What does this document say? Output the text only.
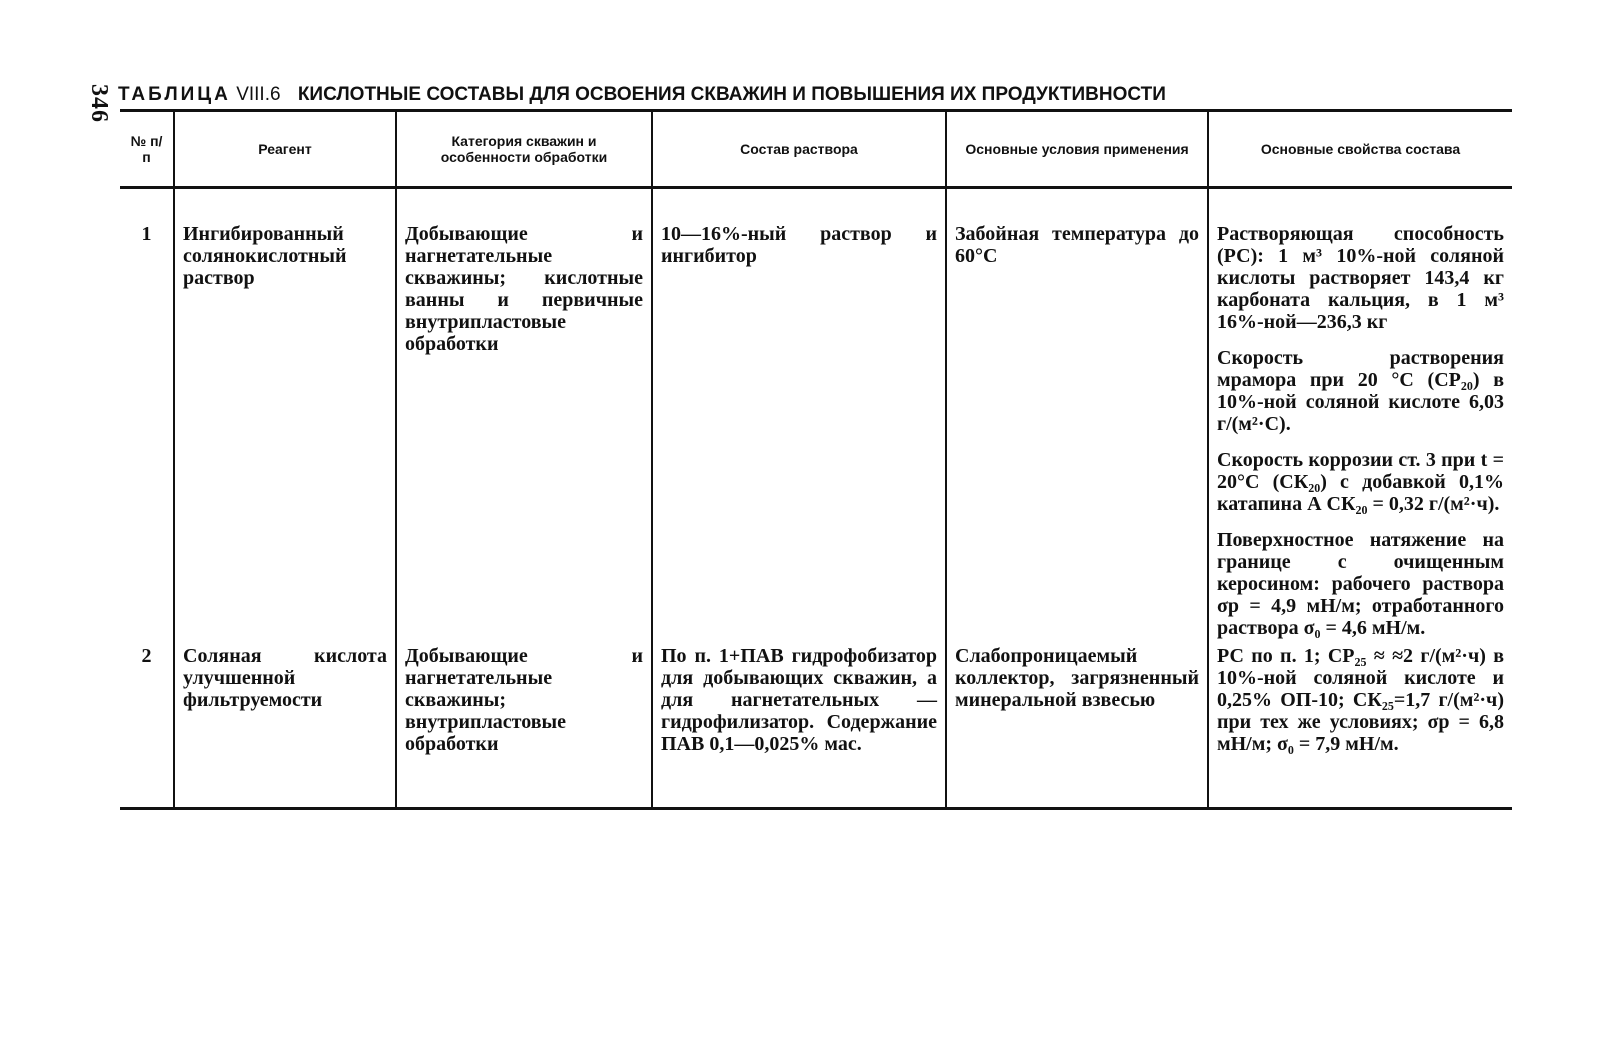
346 ТАБЛИЦА VIII.6 КИСЛОТНЫЕ СОСТАВЫ ДЛЯ ОСВОЕНИЯ СКВАЖИН И ПОВЫШЕНИЯ ИХ ПРОДУКТИВНОСТИ
№ п/п	Реагент	Категория скважин и особенности обработки	Состав раствора	Основные условия применения	Основные свойства состава
1	Ингибированный солянокислотный раствор	Добывающие и нагнетательные скважины; кислотные ванны и первичные внутрипластовые обработки	10—16%-ный раствор и ингибитор	Забойная температура до 60°С	Растворяющая способность (РС): 1 м³ 10%-ной соляной кислоты растворяет 143,4 кг карбоната кальция, в 1 м³ 16%-ной—236,3 кг

Скорость растворения мрамора при 20 °С (СР₂₀) в 10%-ной соляной кислоте 6,03 г/(м²·С).

Скорость коррозии ст. 3 при t = 20°С (СК₂₀) с добавкой 0,1% катапина А СК₂₀ = 0,32 г/(м²·ч).

Поверхностное натяжение на границе с очищенным керосином: рабочего раствора σр = 4,9 мН/м; отработанного раствора σ₀ = 4,6 мН/м.

2	Соляная кислота улучшенной фильтруемости	Добывающие и нагнетательные скважины; внутрипластовые обработки	По п. 1+ПАВ гидрофобизатор для добывающих скважин, а для нагнетательных — гидрофилизатор. Содержание ПАВ 0,1—0,025% мас.	Слабопроницаемый коллектор, загрязненный минеральной взвесью	РС по п. 1; СР₂₅ ≈ ≈2 г/(м²·ч) в 10%-ной соляной кислоте и 0,25% ОП-10; СК₂₅=1,7 г/(м²·ч) при тех же условиях; σр = 6,8 мН/м; σ₀ = 7,9 мН/м.
